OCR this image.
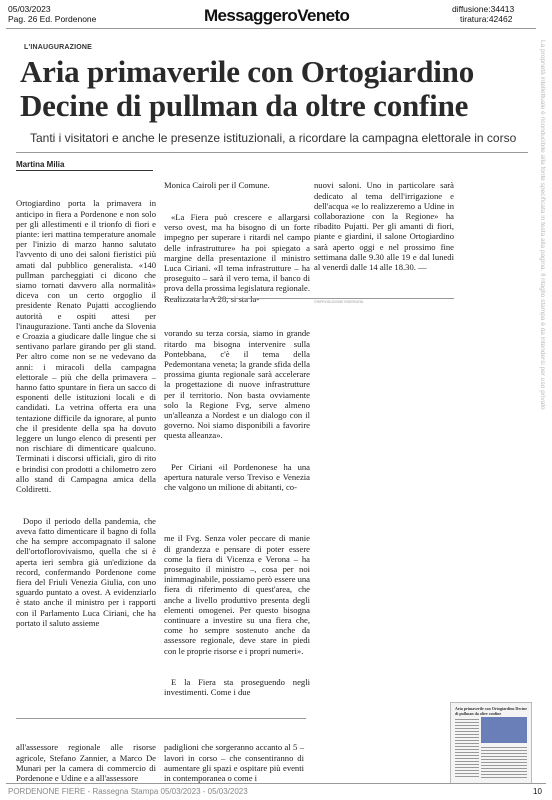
05/03/2023
Pag. 26 Ed. Pordenone	MessaggeroVeneto	diffusione:34413
tiratura:42462
L'INAUGURAZIONE
Aria primaverile con Ortogiardino
Decine di pullman da oltre confine
Tanti i visitatori e anche le presenze istituzionali, a ricordare la campagna elettorale in corso
Martina Milia

Ortogiardino porta la primavera in anticipo in fiera a Pordenone e non solo per gli allestimenti e il trionfo di fiori e piante: ieri mattina temperature anomale per l'inizio di marzo hanno salutato l'avvento di uno dei saloni fieristici più amati dal pubblico generalista. «140 pullman parcheggiati ci dicono che siamo tornati davvero alla normalità» diceva con un certo orgoglio il presidente Renato Pujatti accogliendo autorità e ospiti attesi per l'inaugurazione. Tanti anche da Slovenia e Croazia a giudicare dalle lingue che si sentivano parlare girando per gli stand. Per altro come non se ne vedevano da anni: i miracoli della campagna elettorale – più che della primavera – hanno fatto spuntare in fiera un sacco di esponenti delle istituzioni locali e di candidati. La vetrina offerta era una tentazione difficile da ignorare, al punto che il presidente della spa ha dovuto leggere un lungo elenco di presenti per non rischiare di dimenticare qualcuno. Terminati i discorsi ufficiali, giro di rito e brindisi con prodotti a chilometro zero allo stand di Campagna amica della Coldiretti.

Dopo il periodo della pandemia, che aveva fatto dimenticare il bagno di folla che ha sempre accompagnato il salone dell'ortoflorovivaismo, quella che si è aperta ieri sembra già un'edizione da record, confermando Pordenone come fiera del Friuli Venezia Giulia, con uno sguardo puntato a ovest. A evidenziarlo è stato anche il ministro per i rapporti con il Parlamento Luca Ciriani, che ha portato il saluto assieme

Monica Cairoli per il Comune.

«La Fiera può crescere e allargarsi verso ovest, ma ha bisogno di un forte impegno per superare i ritardi nel campo delle infrastrutture» ha poi spiegato a margine della presentazione il ministro Luca Ciriani. «Il tema infrastrutture – ha proseguito – sarà il vero tema, il banco di prova della prossima legislatura regionale.

nuovi saloni. Uno in particolare sarà dedicato al tema dell'irrigazione e dell'acqua «e lo realizzeremo a Udine in collaborazione con la Regione» ha ribadito Pujatti. Per gli amanti di fiori, piante e giardini, il salone Ortogiardino sarà aperto oggi e nel prossimo fine settimana dalle 9.30 alle 19 e dal lunedì al venerdì dalle 14 alle 18.30. —

©RIPRODUZIONE RISERVATA

vorando su terza corsia, siamo in grande ritardo ma bisogna intervenire sulla Pontebbana, c'è il tema della Pedemontana veneta; la grande sfida della prossima giunta regionale sarà accelerare la progettazione di nuove infrastrutture per il territorio. Non basta ovviamente solo la Regione Fvg, serve almeno un'alleanza a Nordest e un dialogo con il governo. Noi siamo disponibili a favorire questa alleanza».

Per Ciriani «il Pordenonese ha una apertura naturale verso Treviso e Venezia che valgono un milione di abitanti, co-

me il Fvg. Senza voler peccare di manie di grandezza e pensare di poter essere come la fiera di Vicenza e Verona – ha proseguito il ministro –, cosa per noi inimmaginabile, possiamo però essere una fiera di riferimento di quest'area, che anche a livello produttivo presenta degli elementi omogenei. Per questo bisogna continuare a investire su una fiera che, come ho sempre sostenuto anche da assessore regionale, deve stare in piedi con le proprie risorse e i propri numeri».

E la Fiera sta proseguendo negli investimenti. Come i due

all'assessore regionale alle risorse agricole, Stefano Zannier, a Marco De Munari per la camera di commercio di Pordenone e Udine e a all'assessore

padiglioni che sorgeranno accanto al 5 – lavori in corso – che consentiranno di aumentare gli spazi e ospitare più eventi in contemporanea o come i

Aria primaverile con Ortogiardino Decine di pullman da oltre confine
La proprietà intellettuale è riconducibile alla fonte specificata in testa alla pagina. Il ritaglio stampa è da intendersi per uso privato
PORDENONE FIERE - Rassegna Stampa 05/03/2023 - 05/03/2023	10
